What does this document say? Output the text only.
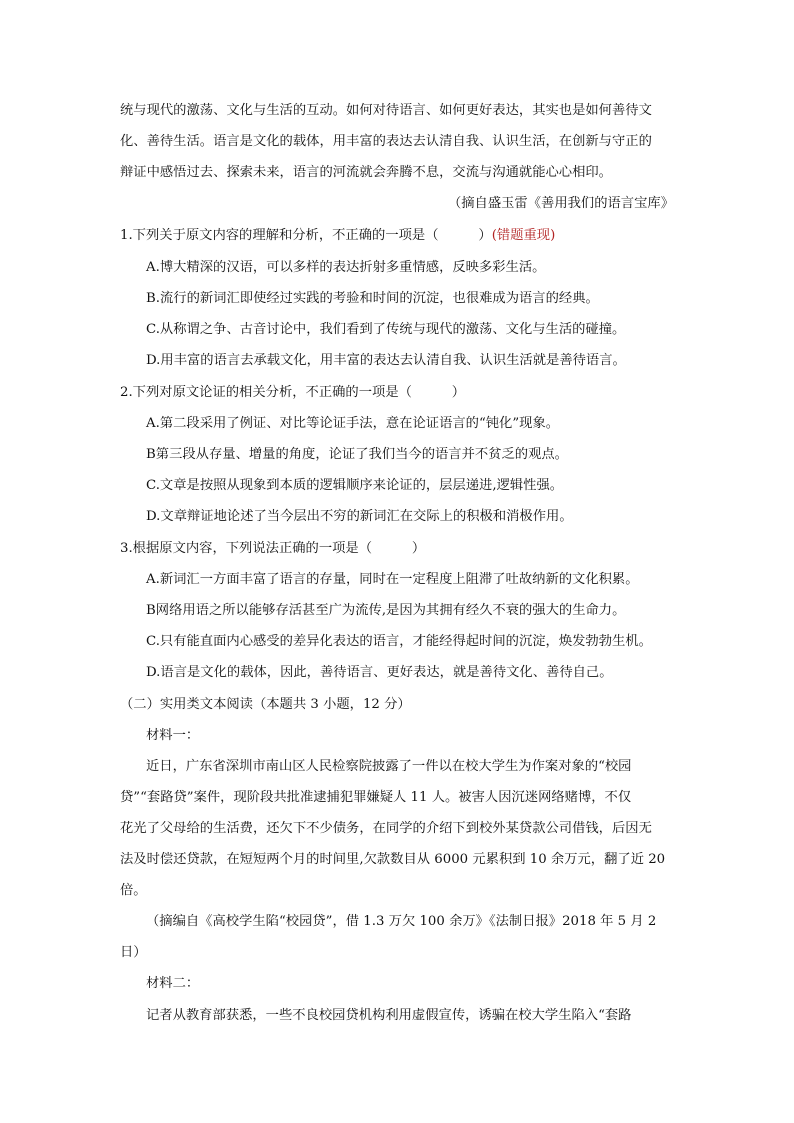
统与现代的激荡、文化与生活的互动。如何对待语言、如何更好表达，其实也是如何善待文
化、善待生活。语言是文化的载体，用丰富的表达去认清自我、认识生活，在创新与守正的
辩证中感悟过去、探索未来，语言的河流就会奔腾不息，交流与沟通就能心心相印。
（摘自盛玉雷《善用我们的语言宝库》
1.下列关于原文内容的理解和分析，不正确的一项是（　　　）(错题重现)
A.博大精深的汉语，可以多样的表达折射多重情感，反映多彩生活。
B.流行的新词汇即使经过实践的考验和时间的沉淀，也很难成为语言的经典。
C.从称谓之争、古音讨论中，我们看到了传统与现代的激荡、文化与生活的碰撞。
D.用丰富的语言去承载文化，用丰富的表达去认清自我、认识生活就是善待语言。
2.下列对原文论证的相关分析，不正确的一项是（　　　）
A.第二段采用了例证、对比等论证手法，意在论证语言的“钝化”现象。
B第三段从存量、增量的角度，论证了我们当今的语言并不贫乏的观点。
C.文章是按照从现象到本质的逻辑顺序来论证的，层层递进,逻辑性强。
D.文章辩证地论述了当今层出不穷的新词汇在交际上的积极和消极作用。
3.根据原文内容，下列说法正确的一项是（　　　）
A.新词汇一方面丰富了语言的存量，同时在一定程度上阻滞了吐故纳新的文化积累。
B网络用语之所以能够存活甚至广为流传,是因为其拥有经久不衰的强大的生命力。
C.只有能直面内心感受的差异化表达的语言，才能经得起时间的沉淀，焕发勃勃生机。
D.语言是文化的载体，因此，善待语言、更好表达，就是善待文化、善待自己。
（二）实用类文本阅读（本题共 3 小题，12 分）
材料一：
近日，广东省深圳市南山区人民检察院披露了一件以在校大学生为作案对象的“校园
贷”“套路贷”案件，现阶段共批准逮捕犯罪嫌疑人 11 人。被害人因沉迷网络赌博，不仅
花光了父母给的生活费，还欠下不少债务，在同学的介绍下到校外某贷款公司借钱，后因无
法及时偿还贷款，在短短两个月的时间里,欠款数目从 6000 元累积到 10 余万元，翻了近 20
倍。
（摘编自《高校学生陷“校园贷”，借 1.3 万欠 100 余万》《法制日报》2018 年 5 月 2
日）
材料二：
记者从教育部获悉，一些不良校园贷机构利用虚假宣传，诱骗在校大学生陷入“套路
